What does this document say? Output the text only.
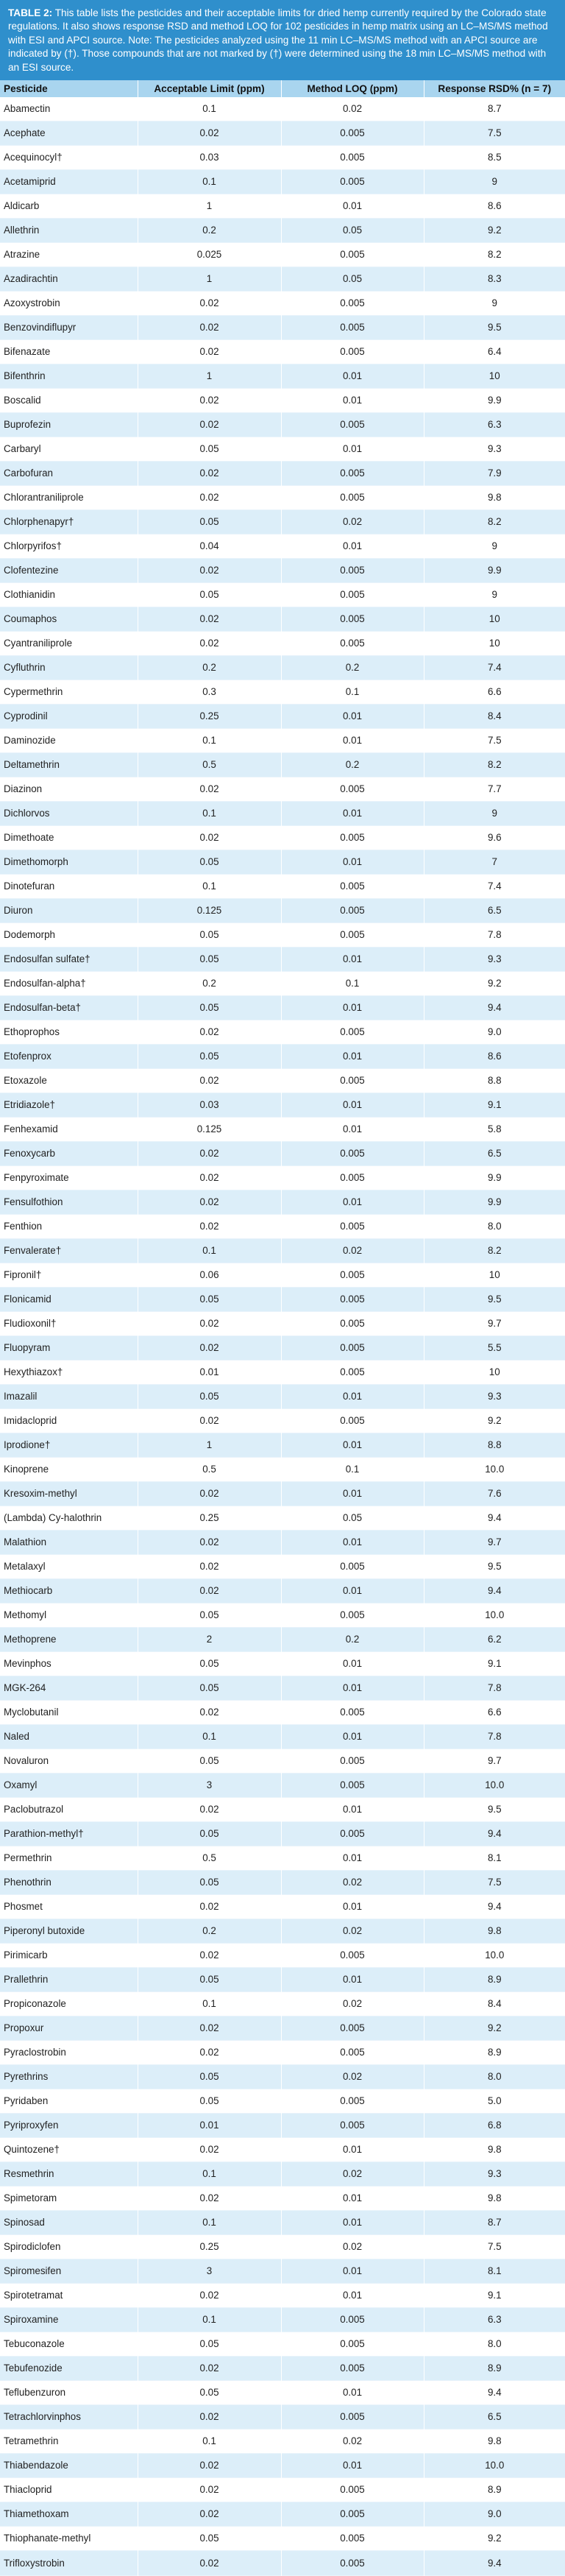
TABLE 2: This table lists the pesticides and their acceptable limits for dried hemp currently required by the Colorado state regulations. It also shows response RSD and method LOQ for 102 pesticides in hemp matrix using an LC–MS/MS method with ESI and APCI source. Note: The pesticides analyzed using the 11 min LC–MS/MS method with an APCI source are indicated by (†). Those compounds that are not marked by (†) were determined using the 18 min LC–MS/MS method with an ESI source.
Pesticide	Acceptable Limit (ppm)	Method LOQ (ppm)	Response RSD% (n = 7)
Abamectin	0.1	0.02	8.7
Acephate	0.02	0.005	7.5
Acequinocyl†	0.03	0.005	8.5
Acetamiprid	0.1	0.005	9
Aldicarb	1	0.01	8.6
Allethrin	0.2	0.05	9.2
Atrazine	0.025	0.005	8.2
Azadirachtin	1	0.05	8.3
Azoxystrobin	0.02	0.005	9
Benzovindiflupyr	0.02	0.005	9.5
Bifenazate	0.02	0.005	6.4
Bifenthrin	1	0.01	10
Boscalid	0.02	0.01	9.9
Buprofezin	0.02	0.005	6.3
Carbaryl	0.05	0.01	9.3
Carbofuran	0.02	0.005	7.9
Chlorantraniliprole	0.02	0.005	9.8
Chlorphenapyr†	0.05	0.02	8.2
Chlorpyrifos†	0.04	0.01	9
Clofentezine	0.02	0.005	9.9
Clothianidin	0.05	0.005	9
Coumaphos	0.02	0.005	10
Cyantraniliprole	0.02	0.005	10
Cyfluthrin	0.2	0.2	7.4
Cypermethrin	0.3	0.1	6.6
Cyprodinil	0.25	0.01	8.4
Daminozide	0.1	0.01	7.5
Deltamethrin	0.5	0.2	8.2
Diazinon	0.02	0.005	7.7
Dichlorvos	0.1	0.01	9
Dimethoate	0.02	0.005	9.6
Dimethomorph	0.05	0.01	7
Dinotefuran	0.1	0.005	7.4
Diuron	0.125	0.005	6.5
Dodemorph	0.05	0.005	7.8
Endosulfan sulfate†	0.05	0.01	9.3
Endosulfan-alpha†	0.2	0.1	9.2
Endosulfan-beta†	0.05	0.01	9.4
Ethoprophos	0.02	0.005	9.0
Etofenprox	0.05	0.01	8.6
Etoxazole	0.02	0.005	8.8
Etridiazole†	0.03	0.01	9.1
Fenhexamid	0.125	0.01	5.8
Fenoxycarb	0.02	0.005	6.5
Fenpyroximate	0.02	0.005	9.9
Fensulfothion	0.02	0.01	9.9
Fenthion	0.02	0.005	8.0
Fenvalerate†	0.1	0.02	8.2
Fipronil†	0.06	0.005	10
Flonicamid	0.05	0.005	9.5
Fludioxonil†	0.02	0.005	9.7
Fluopyram	0.02	0.005	5.5
Hexythiazox†	0.01	0.005	10
Imazalil	0.05	0.01	9.3
Imidacloprid	0.02	0.005	9.2
Iprodione†	1	0.01	8.8
Kinoprene	0.5	0.1	10.0
Kresoxim-methyl	0.02	0.01	7.6
(Lambda) Cy-halothrin	0.25	0.05	9.4
Malathion	0.02	0.01	9.7
Metalaxyl	0.02	0.005	9.5
Methiocarb	0.02	0.01	9.4
Methomyl	0.05	0.005	10.0
Methoprene	2	0.2	6.2
Mevinphos	0.05	0.01	9.1
MGK-264	0.05	0.01	7.8
Myclobutanil	0.02	0.005	6.6
Naled	0.1	0.01	7.8
Novaluron	0.05	0.005	9.7
Oxamyl	3	0.005	10.0
Paclobutrazol	0.02	0.01	9.5
Parathion-methyl†	0.05	0.005	9.4
Permethrin	0.5	0.01	8.1
Phenothrin	0.05	0.02	7.5
Phosmet	0.02	0.01	9.4
Piperonyl butoxide	0.2	0.02	9.8
Pirimicarb	0.02	0.005	10.0
Prallethrin	0.05	0.01	8.9
Propiconazole	0.1	0.02	8.4
Propoxur	0.02	0.005	9.2
Pyraclostrobin	0.02	0.005	8.9
Pyrethrins	0.05	0.02	8.0
Pyridaben	0.05	0.005	5.0
Pyriproxyfen	0.01	0.005	6.8
Quintozene†	0.02	0.01	9.8
Resmethrin	0.1	0.02	9.3
Spimetoram	0.02	0.01	9.8
Spinosad	0.1	0.01	8.7
Spirodiclofen	0.25	0.02	7.5
Spiromesifen	3	0.01	8.1
Spirotetramat	0.02	0.01	9.1
Spiroxamine	0.1	0.005	6.3
Tebuconazole	0.05	0.005	8.0
Tebufenozide	0.02	0.005	8.9
Teflubenzuron	0.05	0.01	9.4
Tetrachlorvinphos	0.02	0.005	6.5
Tetramethrin	0.1	0.02	9.8
Thiabendazole	0.02	0.01	10.0
Thiacloprid	0.02	0.005	8.9
Thiamethoxam	0.02	0.005	9.0
Thiophanate-methyl	0.05	0.005	9.2
Trifloxystrobin	0.02	0.005	9.4
